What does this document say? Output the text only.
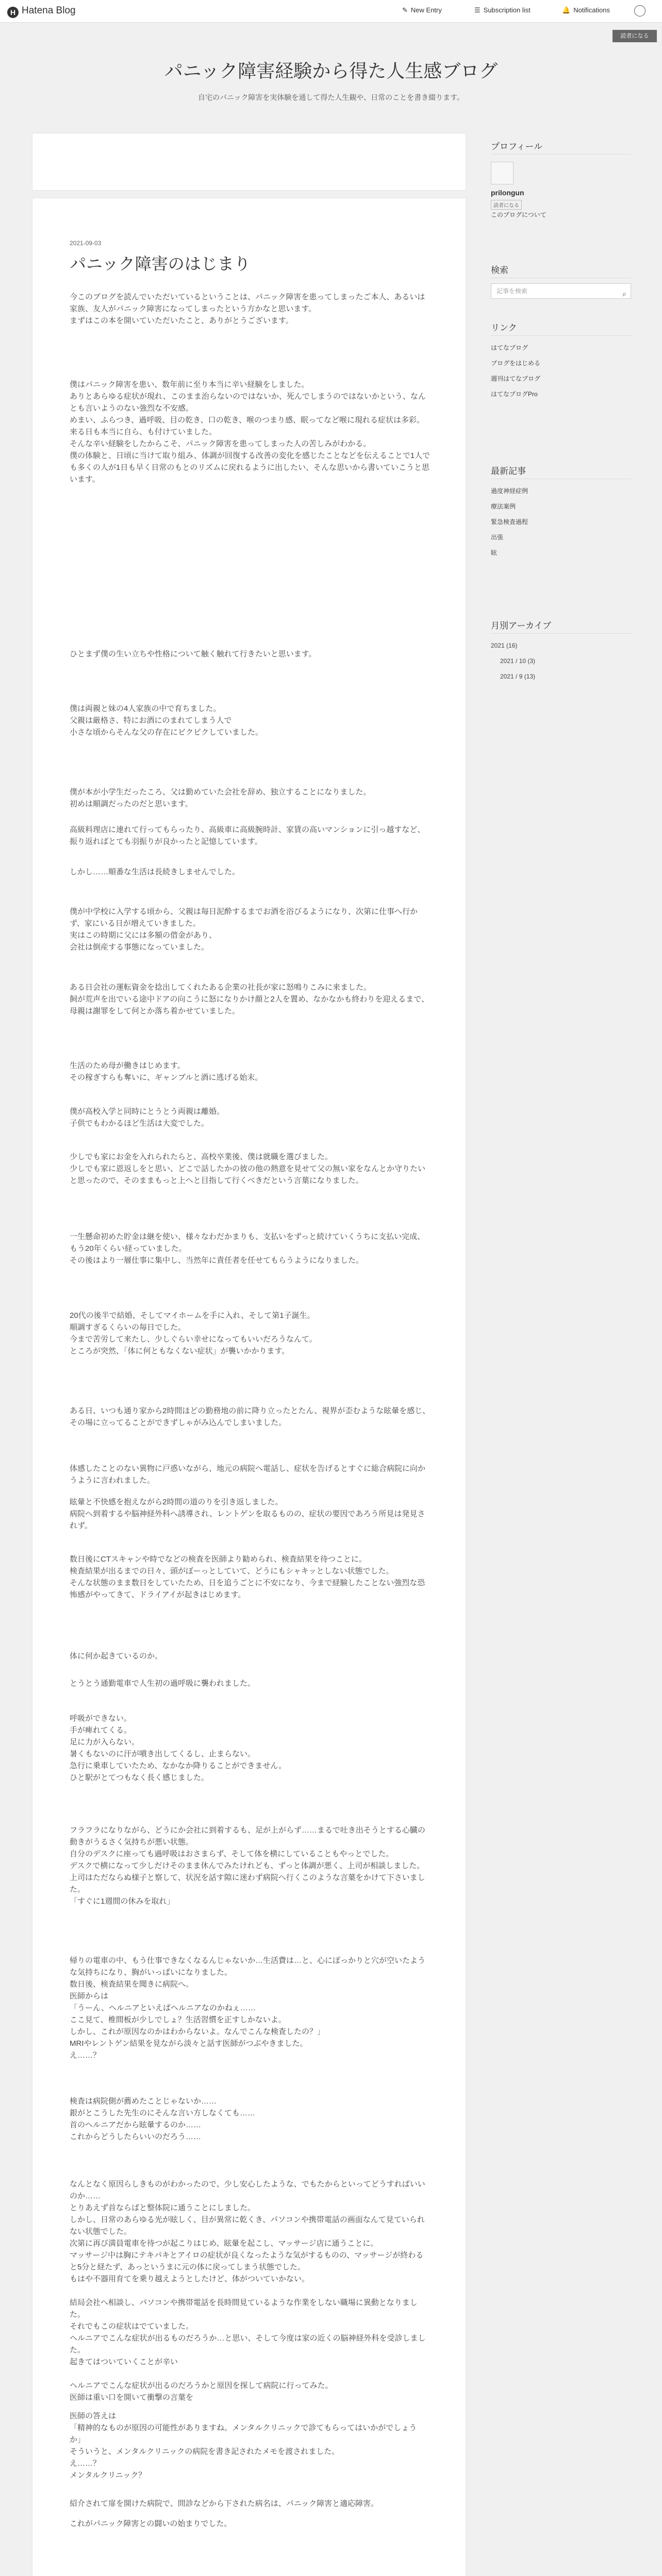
H Hatena Blog	✎ New Entry	☰ Subscription list	🔔 Notifications
読者になる
パニック障害経験から得た人生感ブログ
自宅のパニック障害を実体験を通して得た人生観や、日常のことを書き綴ります。
2021-09-03
パニック障害のはじまり
今このブログを読んでいただいているということは、パニック障害を患ってしまったご本人、あるいは家族、友人がパニック障害になってしまったという方かなと思います。
まずはこの本を開いていただいたこと、ありがとうございます。
僕はパニック障害を患い、数年前に至り本当に辛い経験をしました。
ありとあらゆる症状が現れ、このまま治らないのではないか、死んでしまうのではないかという、なんとも言いようのない強烈な不安感。
めまい、ふらつき、過呼吸、目の乾き、口の乾き、喉のつまり感、眠ってなど喉に現れる症状は多彩。
来る日も本当に自ら、も付けていました。
そんな辛い経験をしたからこそ、パニック障害を患ってしまった人の苦しみがわかる。
僕の体験と、日頃に当けて取り組み、体調が回復する改善の変化を感じたことなどを伝えることで1人でも多くの人が1日も早く日常のもとのリズムに戻れるように出したい、そんな思いから書いていこうと思います。
ひとまず僕の生い立ちや性格について触く触れて行きたいと思います。
僕は両親と妹の4人家族の中で育ちました。
父親は厳格さ、特にお酒にのまれてしまう人で
小さな頃からそんな父の存在にビクビクしていました。
僕が本が小学生だったころ、父は勤めていた会社を辞め、独立することになりました。
初めは順調だったのだと思います。
高級料理店に連れて行ってもらったり、高級車に高級腕時計、家賃の高いマンションに引っ越すなど、振り返ればとても羽振りが良かったと記憶しています。
しかし……順番な生活は長続きしませんでした。
僕が中学校に入学する頃から、父親は毎日泥酔するまでお酒を浴びるようになり、次第に仕事へ行かず、家にいる日が増えていきました。
実はこの時期に父には多額の借金があり、
会社は倒産する事態になっていました。
ある日会社の運転資金を捻出してくれたある企業の社長が家に怒鳴りこみに来ました。
飼が荒声を出でいる途中ドアの向こうに怒になりかけ顔と2人を置め、なかなかも終わりを迎えるまで、母親は謝罪をして何とか落ち着かせていました。
生活のため母が働きはじめます。
その稼ぎすらも奪いに、ギャンブルと酒に逃げる始末。
僕が高校入学と同時にとうとう両親は離婚。
子供でもわかるほど生活は大変でした。
少しでも家にお金を入れられたらと、高校卒業後、僕は就職を選びました。
少しでも家に恩返しをと思い、どこで話したかの彼の他の熱意を見せて父の無い家をなんとか守りたいと思ったので、そのままもっと上へと目指して行くべきだという言葉になりました。
一生懸命初めた貯金は継を使い、様々なわだかまりも、支払いをずっと続けていくうちに支払い完成、もう20年くらい経っていました。
その後はより一層仕事に集中し、当然年に責任者を任せてもらうようになりました。
20代の後半で結婚、そしてマイホームを手に入れ、そして第1子誕生。
順調すぎるくらいの毎日でした。
今まで苦労して来たし、少しぐらい幸せになってもいいだろうなんて。
ところが突然、「体に何ともなくない症状」が襲いかかります。
ある日、いつも通り家から2時間ほどの勤務地の前に降り立ったとたん、視界が歪むような眩暈を感じ、その場に立ってることができずしゃがみ込んでしまいました。
体感したことのない異物に戸惑いながら、地元の病院へ電話し、症状を告げるとすぐに総合病院に向かうように言われました。
眩暈と不快感を抱えながら2時間の道のりを引き返しました。
病院へ到着するや脳神経外科へ誘導され、レントゲンを取るものの、症状の要因であろう所見は発見されず。
数日後にCTスキャンや時でなどの検査を医師より勧められ、検査結果を待つことに。
検査結果が出るまでの日々、頭がぼーっとしていて、どうにもシャキッとしない状態でした。
そんな状態のまま数日をしていたため、日を追うごとに不安になり、今まで経験したことない強烈な恐怖感がやってきて、ドライアイが起きはじめます。
体に何か起きているのか。
とうとう通勤電車で人生初の過呼吸に襲われました。
呼吸ができない。
手が痺れてくる。
足に力が入らない。
暑くもないのに汗が噴き出してくるし、止まらない。
急行に乗車していたため、なかなか降りることができません。
ひと駅がとてつもなく長く感じました。
フラフラになりながら、どうにか会社に到着するも、足が上がらず……まるで吐き出そうとする心臓の動きがうるさく気持ちが悪い状態。
自分のデスクに座っても過呼吸はおさまらず、そして体を横にしていることもやっとでした。
デスクで横になって少しだけそのまま休んでみたけれども、ずっと体調が悪く、上司が相談しました。
上司はただならぬ様子と察して、状況を話す隙に迷わず病院へ行くこのような言葉をかけて下さいました。
「すぐに1週間の休みを取れ」
帰りの電車の中、もう仕事できなくなるんじゃないか…生活費は…と、心にぽっかりと穴が空いたような気持ちになり、胸がいっぱいになりました。
数日後、検査結果を聞きに病院へ。
医師からは
「うーん、ヘルニアといえばヘルニアなのかねぇ……
ここ見て、椎間板が少しでしょ？生活習慣を正すしかないよ。
しかし、これが原因なのかはわからないよ。なんでこんな検査したの？」
MRIやレントゲン結果を見ながら淡々と話す医師がつぶやきました。
え……？
検査は病院側が薦めたことじゃないか……
銀がとこうした先生のにそんな言い方しなくても……
首のヘルニアだから眩暈するのか……
これからどうしたらいいのだろう……
なんとなく原因らしきものがわかったので、少し安心したような、でもたからといってどうすればいいのか……
とりあえず首ならばと整体院に通うことにしました。
しかし、日常のあらゆる光が眩しく、目が異常に乾くき、パソコンや携帯電話の画面なんて見ていられない状態でした。
次第に再び満員電車を待つが起こりはじめ、眩暈を起こし、マッサージ店に通うことに。
マッサージ中は胸にテキパキとアイロの症状が良くなったような気がするものの、マッサージが終わると5分と経たず、あっというまに元の体に戻ってしまう状態でした。
もはや不器用育てを乗り越えようとしたけど、体がついていかない。

結局会社へ相談し、パソコンや携帯電話を長時間見ているような作業をしない職場に異動となりました。
それでもこの症状はでていました。
ヘルニアでこんな症状が出るものだろうか…と思い、そして今度は家の近くの脳神経外科を受診しました。
起きてはついていくことが辛い

ヘルニアでこんな症状が出るのだろうかと原因を探して病院に行ってみた。
医師は重い口を開いて衝撃の言葉を
医師の答えは
「精神的なものが原因の可能性がありますね。メンタルクリニックで診てもらってはいかがでしょうか」
そういうと、メンタルクリニックの病院を書き記されたメモを渡されました。
え……？
メンタルクリニック？
紹介されて扉を開けた病院で、問診などから下された病名は、パニック障害と適応障害。
これがパニック障害との闘いの始まりでした。
プロフィール
prilongun
読者になる
このブログについて
検索
記事を検索	⌕
リンク
はてなブログ
ブログをはじめる
週刊はてなブログ
はてなブログPro
最新記事
過度神経症例
療法案例
緊急検査過程
出張
眩
月別アーカイブ
2021 (16)
2021 / 10 (3)
2021 / 9 (13)
